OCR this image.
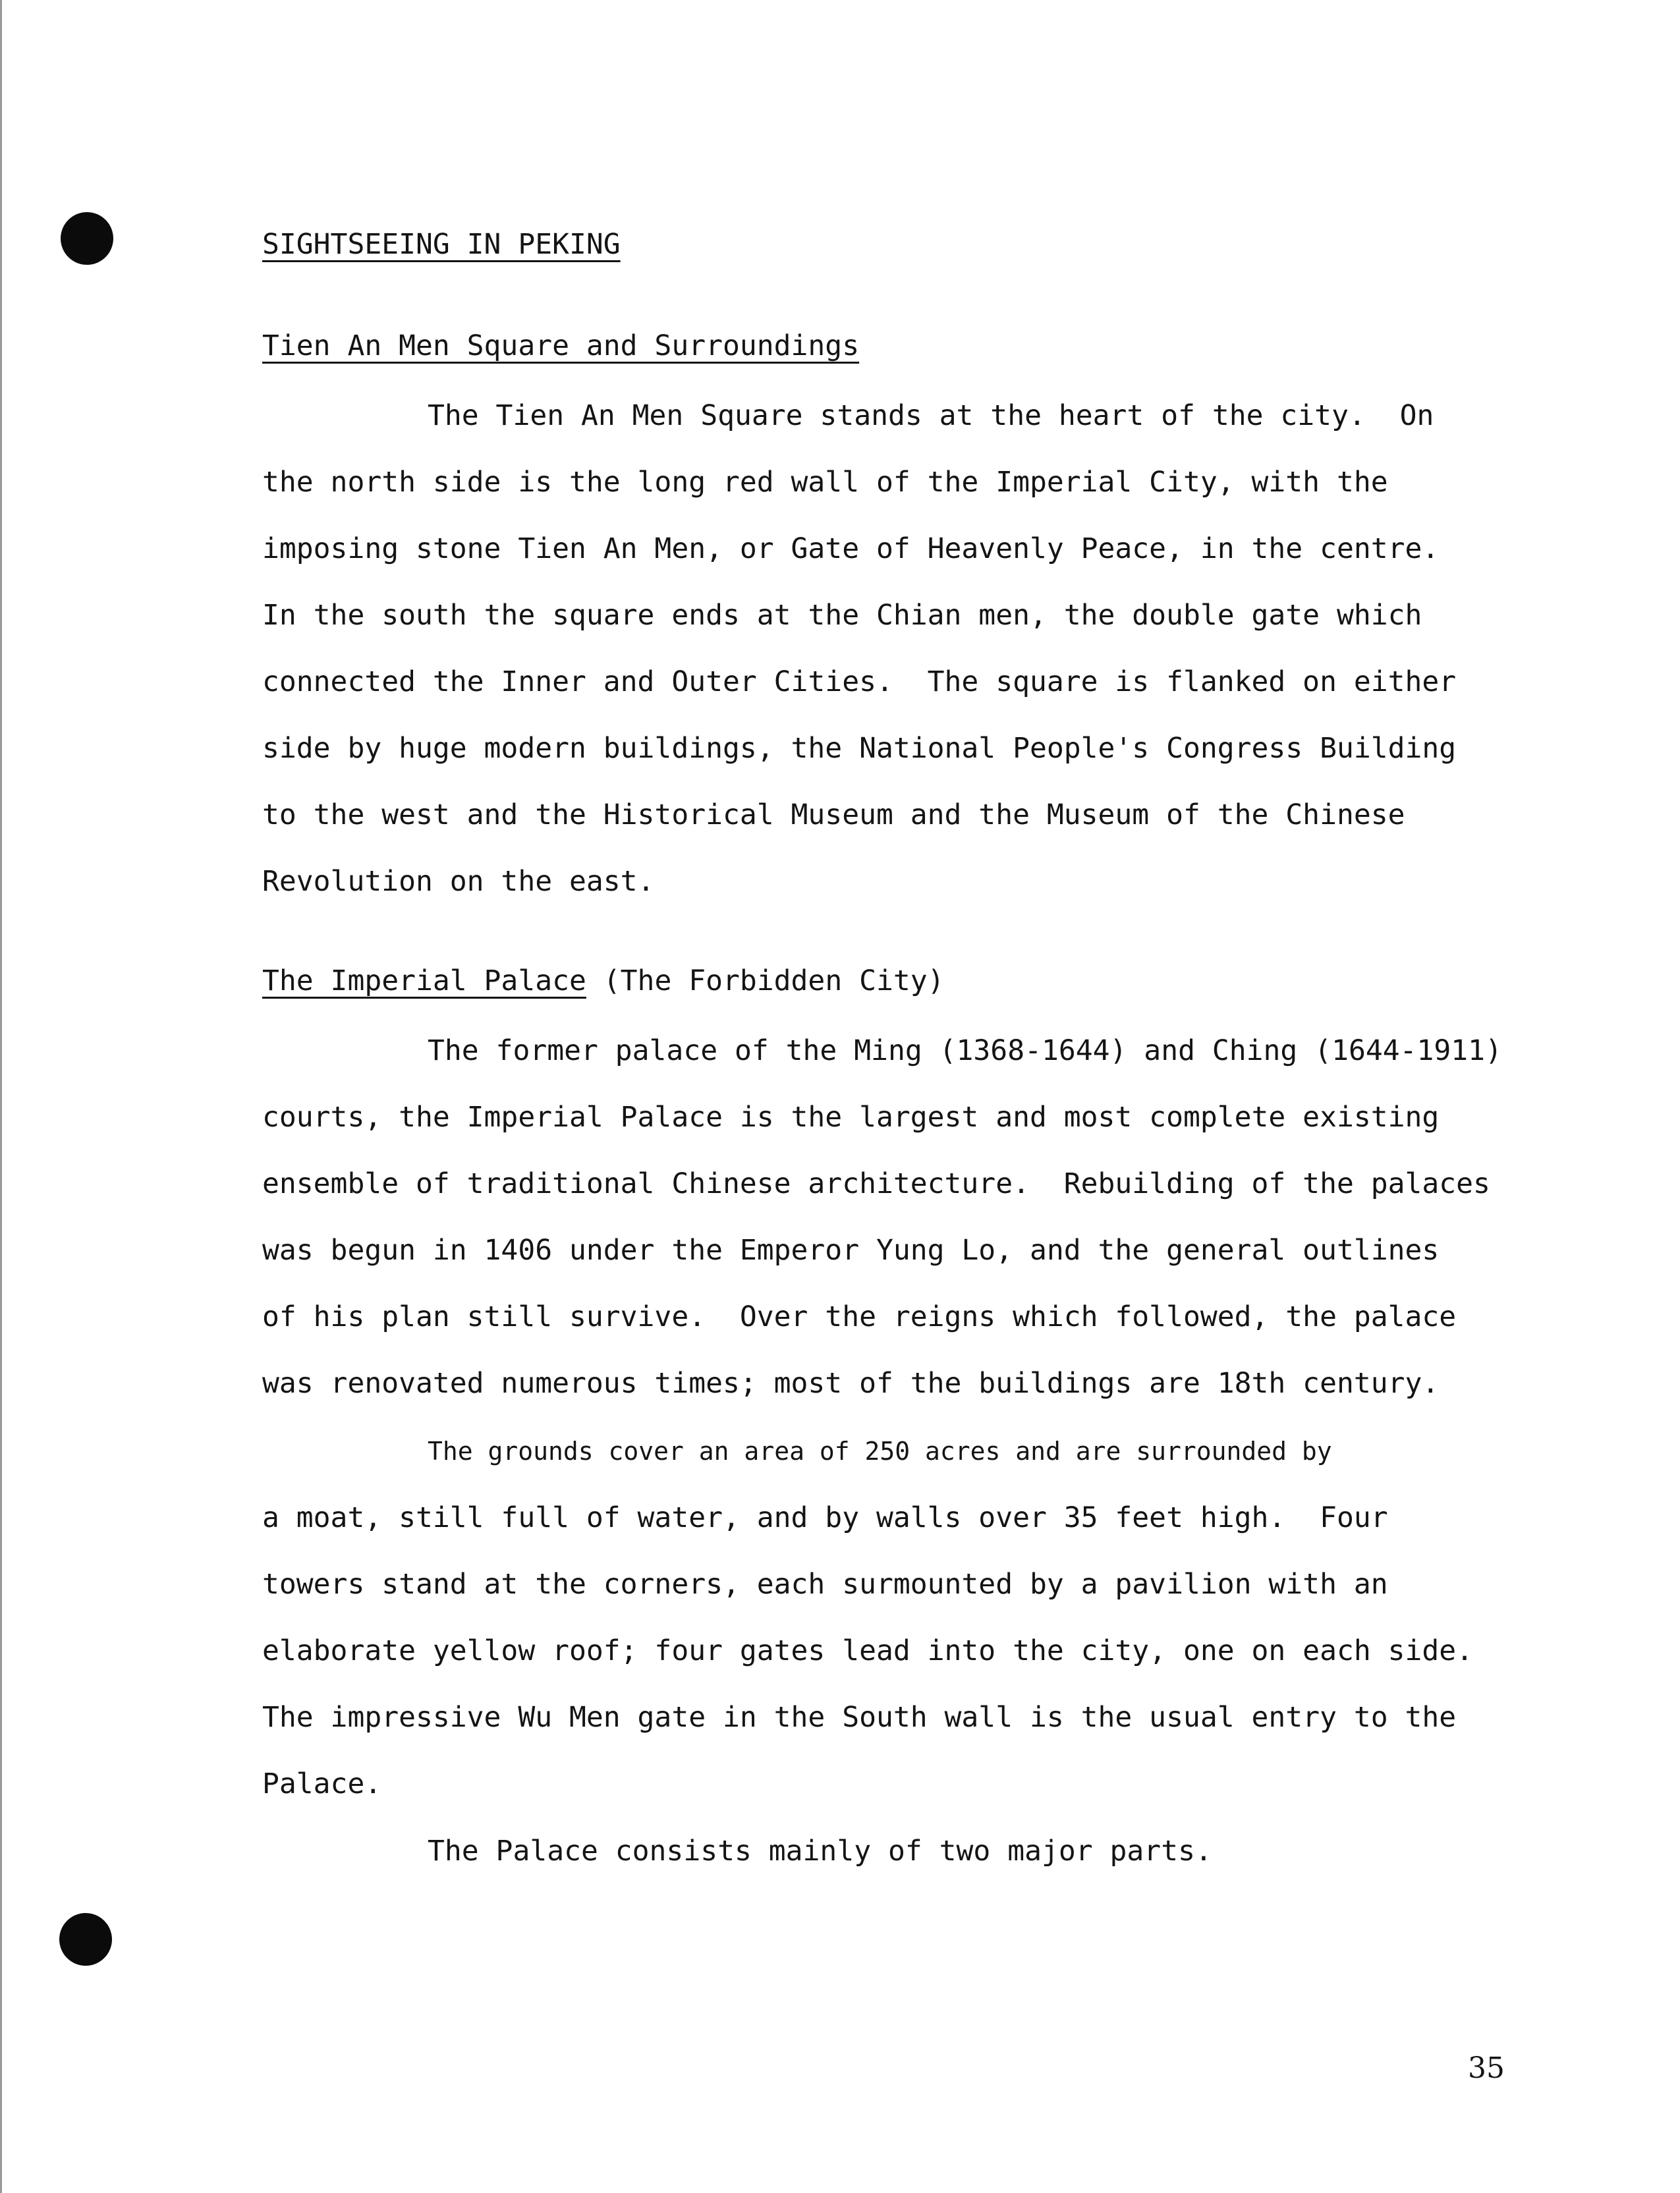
SIGHTSEEING IN PEKING
Tien An Men Square and Surroundings
The Tien An Men Square stands at the heart of the city.  On
the north side is the long red wall of the Imperial City, with the
imposing stone Tien An Men, or Gate of Heavenly Peace, in the centre.
In the south the square ends at the Chian men, the double gate which
connected the Inner and Outer Cities.  The square is flanked on either
side by huge modern buildings, the National People's Congress Building
to the west and the Historical Museum and the Museum of the Chinese
Revolution on the east.
The Imperial Palace (The Forbidden City)
The former palace of the Ming (1368-1644) and Ching (1644-1911)
courts, the Imperial Palace is the largest and most complete existing
ensemble of traditional Chinese architecture.  Rebuilding of the palaces
was begun in 1406 under the Emperor Yung Lo, and the general outlines
of his plan still survive.  Over the reigns which followed, the palace
was renovated numerous times; most of the buildings are 18th century.
The grounds cover an area of 250 acres and are surrounded by
a moat, still full of water, and by walls over 35 feet high.  Four
towers stand at the corners, each surmounted by a pavilion with an
elaborate yellow roof; four gates lead into the city, one on each side.
The impressive Wu Men gate in the South wall is the usual entry to the
Palace.
The Palace consists mainly of two major parts.
35
